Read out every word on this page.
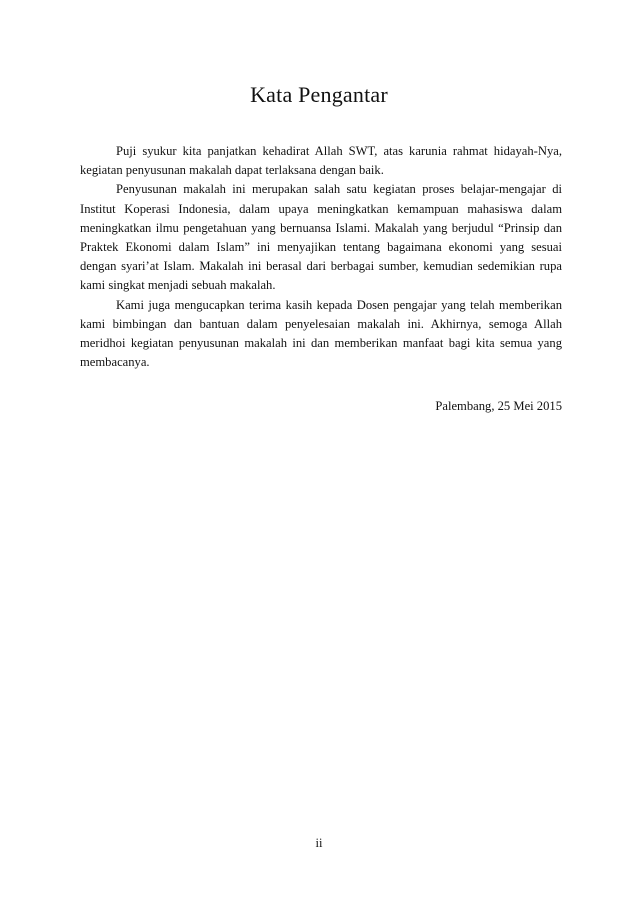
Kata Pengantar

Puji syukur kita panjatkan kehadirat Allah SWT, atas karunia rahmat hidayah-Nya, kegiatan penyusunan makalah dapat terlaksana dengan baik.

Penyusunan makalah ini merupakan salah satu kegiatan proses belajar-mengajar di Institut Koperasi Indonesia, dalam upaya meningkatkan kemampuan mahasiswa dalam meningkatkan ilmu pengetahuan yang bernuansa Islami. Makalah yang berjudul “Prinsip dan Praktek Ekonomi dalam Islam” ini menyajikan tentang bagaimana ekonomi yang sesuai dengan syari’at Islam. Makalah ini berasal dari berbagai sumber, kemudian sedemikian rupa kami singkat menjadi sebuah makalah.

Kami juga mengucapkan terima kasih kepada Dosen pengajar yang telah memberikan kami bimbingan dan bantuan dalam penyelesaian makalah ini. Akhirnya, semoga Allah meridhoi kegiatan penyusunan makalah ini dan memberikan manfaat bagi kita semua yang membacanya.

Palembang, 25 Mei 2015
ii
